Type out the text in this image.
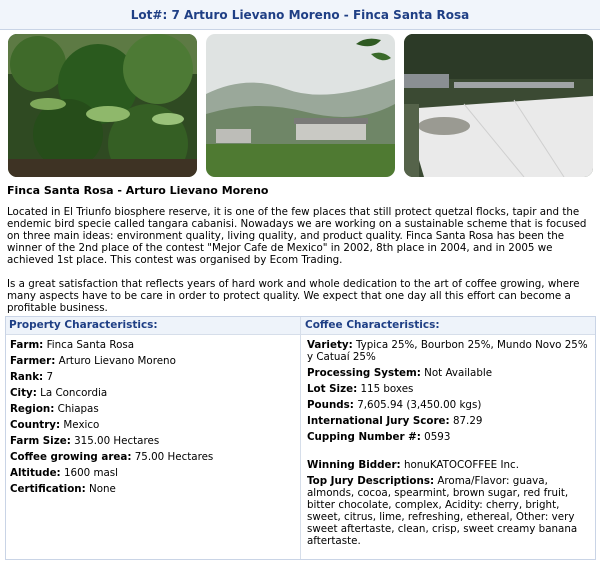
Lot#: 7 Arturo Lievano Moreno - Finca Santa Rosa
Finca Santa Rosa - Arturo Lievano Moreno

Located in El Triunfo biosphere reserve, it is one of the few places that still protect quetzal flocks, tapir and the endemic bird specie called tangara cabanisi. Nowadays we are working on a sustainable scheme that is focused on three main ideas: environment quality, living quality, and product quality. Finca Santa Rosa has been the winner of the 2nd place of the contest "Mejor Cafe de Mexico" in 2002, 8th place in 2004, and in 2005 we achieved 1st place. This contest was organised by Ecom Trading.

Is a great satisfaction that reflects years of hard work and whole dedication to the art of coffee growing, where many aspects have to be care in order to protect quality. We expect that one day all this effort can become a profitable business.

Property Characteristics:	Coffee Characteristics:
Farm: Finca Santa Rosa
Farmer: Arturo Lievano Moreno
Rank: 7
City: La Concordia
Region: Chiapas
Country: Mexico
Farm Size: 315.00 Hectares
Coffee growing area: 75.00 Hectares
Altitude: 1600 masl
Certification: None
Variety: Typica 25%, Bourbon 25%, Mundo Novo 25% y Catuaí 25%
Processing System: Not Available
Lot Size: 115 boxes
Pounds: 7,605.94 (3,450.00 kgs)
International Jury Score: 87.29
Cupping Number #: 0593
Winning Bidder: honuKATOCOFFEE Inc.
Top Jury Descriptions: Aroma/Flavor: guava, almonds, cocoa, spearmint, brown sugar, red fruit, bitter chocolate, complex, Acidity: cherry, bright, sweet, citrus, lime, refreshing, ethereal, Other: very sweet aftertaste, clean, crisp, sweet creamy banana aftertaste.
